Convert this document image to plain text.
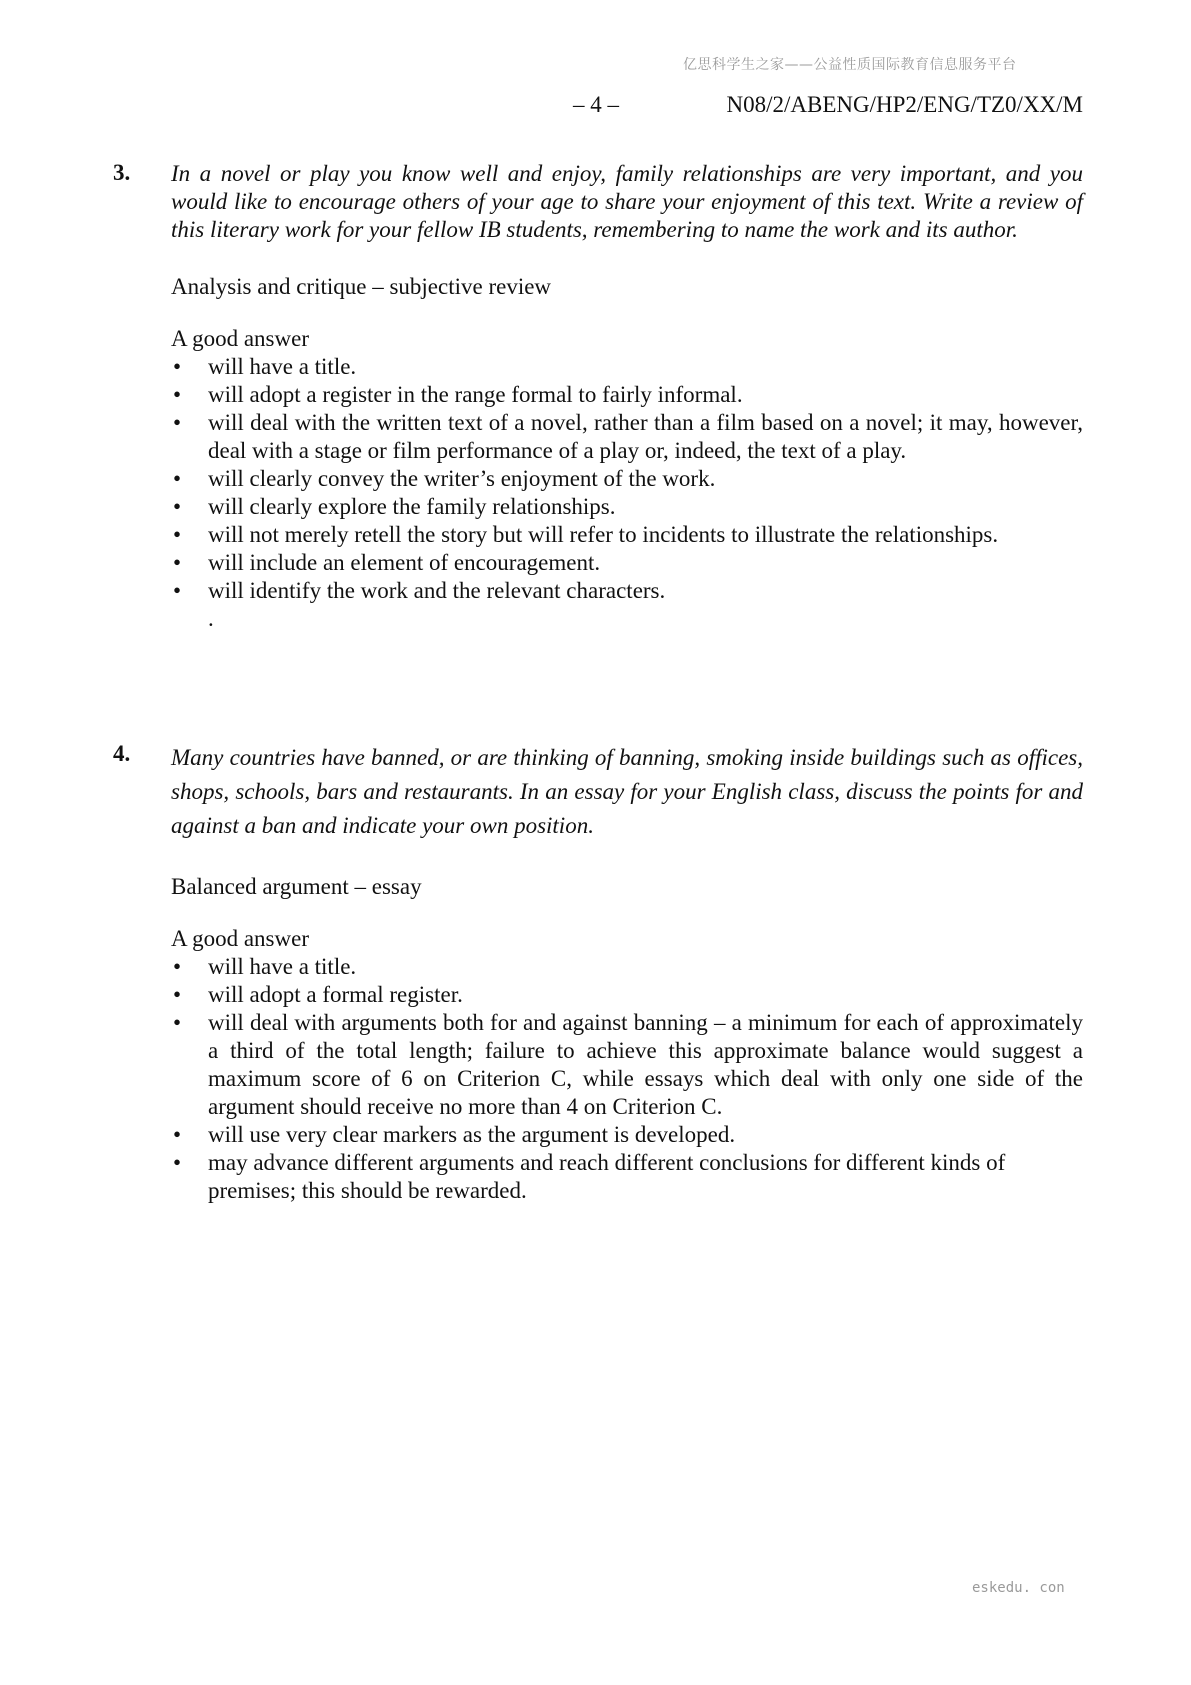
亿思科学生之家——公益性质国际教育信息服务平台
– 4 –	N08/2/ABENG/HP2/ENG/TZ0/XX/M
3. In a novel or play you know well and enjoy, family relationships are very important, and you would like to encourage others of your age to share your enjoyment of this text. Write a review of this literary work for your fellow IB students, remembering to name the work and its author.

Analysis and critique – subjective review

A good answer

• will have a title.
• will adopt a register in the range formal to fairly informal.
• will deal with the written text of a novel, rather than a film based on a novel; it may, however, deal with a stage or film performance of a play or, indeed, the text of a play.
• will clearly convey the writer’s enjoyment of the work.
• will clearly explore the family relationships.
• will not merely retell the story but will refer to incidents to illustrate the relationships.
• will include an element of encouragement.
• will identify the work and the relevant characters.

.

4. Many countries have banned, or are thinking of banning, smoking inside buildings such as offices, shops, schools, bars and restaurants. In an essay for your English class, discuss the points for and against a ban and indicate your own position.

Balanced argument – essay

A good answer

• will have a title.
• will adopt a formal register.
• will deal with arguments both for and against banning – a minimum for each of approximately a third of the total length; failure to achieve this approximate balance would suggest a maximum score of 6 on Criterion C, while essays which deal with only one side of the argument should receive no more than 4 on Criterion C.
• will use very clear markers as the argument is developed.
• may advance different arguments and reach different conclusions for different kinds of premises; this should be rewarded.
eskedu. con
